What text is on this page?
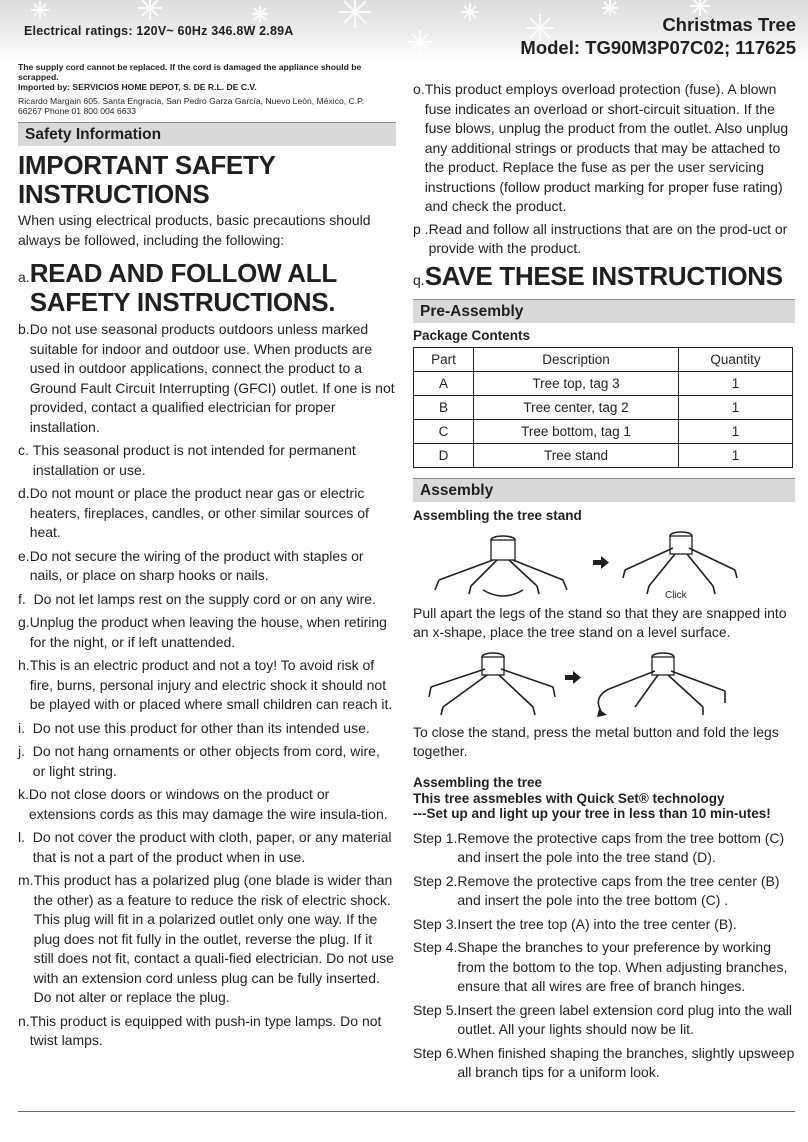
Electrical ratings: 120V~ 60Hz 346.8W 2.89A	Christmas Tree
Model: TG90M3P07C02; 117625
The supply cord cannot be replaced. If the cord is damaged the appliance should be scrapped.
Imported by: SERVICIOS HOME DEPOT, S. DE R.L. DE C.V.
Ricardo Margain 605. Santa Engracia, San Pedro Garza García, Nuevo León, México, C.P. 66267 Phone 01 800 004 6633
Safety Information
IMPORTANT SAFETY INSTRUCTIONS
When using electrical products, basic precautions should always be followed, including the following:
a. READ AND FOLLOW ALL SAFETY INSTRUCTIONS.
b. Do not use seasonal products outdoors unless marked suitable for indoor and outdoor use. When products are used in outdoor applications, connect the product to a Ground Fault Circuit Interrupting (GFCI) outlet. If one is not provided, contact a qualified electrician for proper installation.
c. This seasonal product is not intended for permanent installation or use.
d. Do not mount or place the product near gas or electric heaters, fireplaces, candles, or other similar sources of heat.
e. Do not secure the wiring of the product with staples or nails, or place on sharp hooks or nails.
f. Do not let lamps rest on the supply cord or on any wire.
g. Unplug the product when leaving the house, when retiring for the night, or if left unattended.
h. This is an electric product and not a toy! To avoid risk of fire, burns, personal injury and electric shock it should not be played with or placed where small children can reach it.
i. Do not use this product for other than its intended use.
j. Do not hang ornaments or other objects from cord, wire, or light string.
k. Do not close doors or windows on the product or extensions cords as this may damage the wire insula-tion.
l. Do not cover the product with cloth, paper, or any material that is not a part of the product when in use.
m. This product has a polarized plug (one blade is wider than the other) as a feature to reduce the risk of electric shock. This plug will fit in a polarized outlet only one way. If the plug does not fit fully in the outlet, reverse the plug. If it still does not fit, contact a quali-fied electrician. Do not use with an extension cord unless plug can be fully inserted. Do not alter or replace the plug.
n. This product is equipped with push-in type lamps. Do not twist lamps.
o. This product employs overload protection (fuse). A blown fuse indicates an overload or short-circuit situation. If the fuse blows, unplug the product from the outlet. Also unplug any additional strings or products that may be attached to the product. Replace the fuse as per the user servicing instructions (follow product marking for proper fuse rating) and check the product.
p . Read and follow all instructions that are on the prod-uct or provide with the product.
q. SAVE THESE INSTRUCTIONS
Pre-Assembly
Package Contents
Part	Description	Quantity
A	Tree top, tag 3	1
B	Tree center, tag 2	1
C	Tree bottom, tag 1	1
D	Tree stand	1
Assembly
Assembling the tree stand
Click
Pull apart the legs of the stand so that they are snapped into an x-shape, place the tree stand on a level surface.
To close the stand, press the metal button and fold the legs together.
Assembling the tree
This tree assmebles with Quick Set® technology
---Set up and light up your tree in less than 10 min-utes!
Step 1. Remove the protective caps from the tree bottom (C) and insert the pole into the tree stand (D).
Step 2. Remove the protective caps from the tree center (B) and insert the pole into the tree bottom (C) .
Step 3. Insert the tree top (A) into the tree center (B).
Step 4. Shape the branches to your preference by working from the bottom to the top. When adjusting branches, ensure that all wires are free of branch hinges.
Step 5. Insert the green label extension cord plug into the wall outlet. All your lights should now be lit.
Step 6. When finished shaping the branches, slightly upsweep all branch tips for a uniform look.
